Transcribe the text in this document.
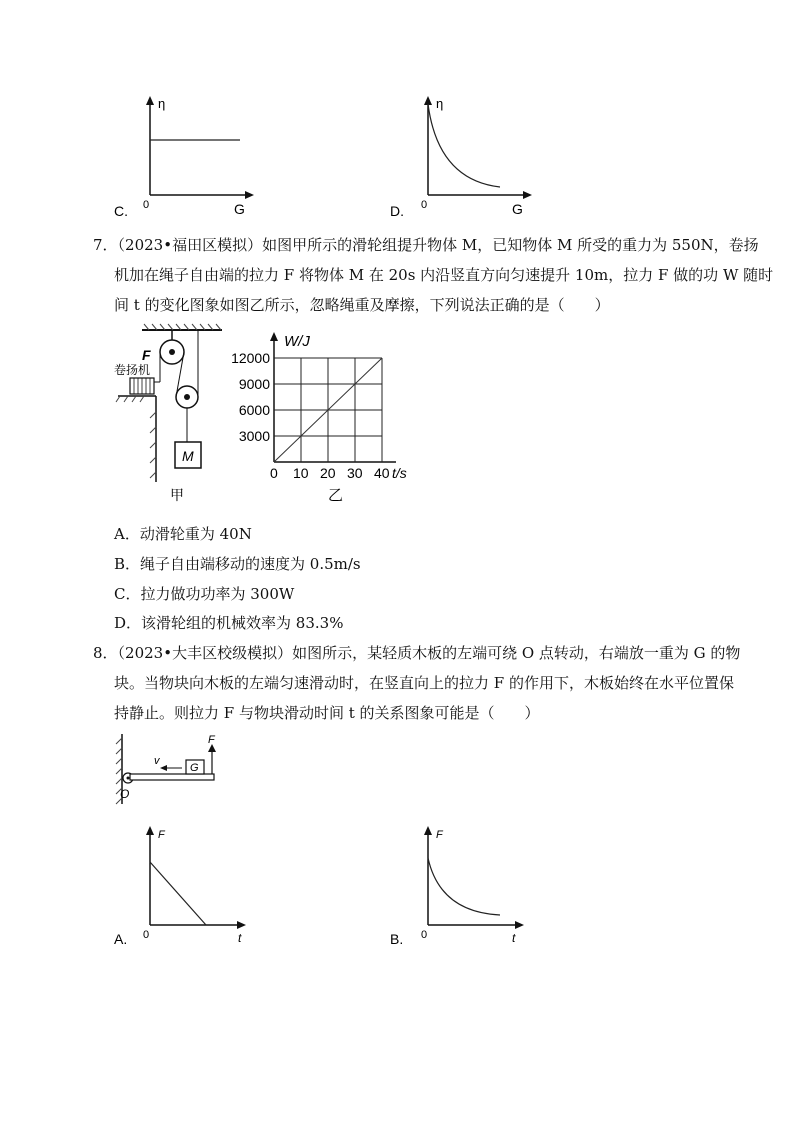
η
0	G
C.
η
0	G
D.
7．（2023•福田区模拟）如图甲所示的滑轮组提升物体 M，已知物体 M 所受的重力为 550N，卷扬
机加在绳子自由端的拉力 F 将物体 M 在 20s 内沿竖直方向匀速提升 10m，拉力 F 做的功 W 随时
间 t 的变化图象如图乙所示，忽略绳重及摩擦，下列说法正确的是（　　）
M
F
卷扬机
甲
W/J
t/s
乙
0 10 20 30 40
3000
6000
9000
12000
A．动滑轮重为 40N
B．绳子自由端移动的速度为 0.5m/s
C．拉力做功功率为 300W
D．该滑轮组的机械效率为 83.3%
8．（2023•大丰区校级模拟）如图所示，某轻质木板的左端可绕 O 点转动，右端放一重为 G 的物
块。当物块向木板的左端匀速滑动时，在竖直向上的拉力 F 的作用下，木板始终在水平位置保
持静止。则拉力 F 与物块滑动时间 t 的关系图象可能是（　　）
G
v
F
O
F
0	t
A.
F
0	t
B.
